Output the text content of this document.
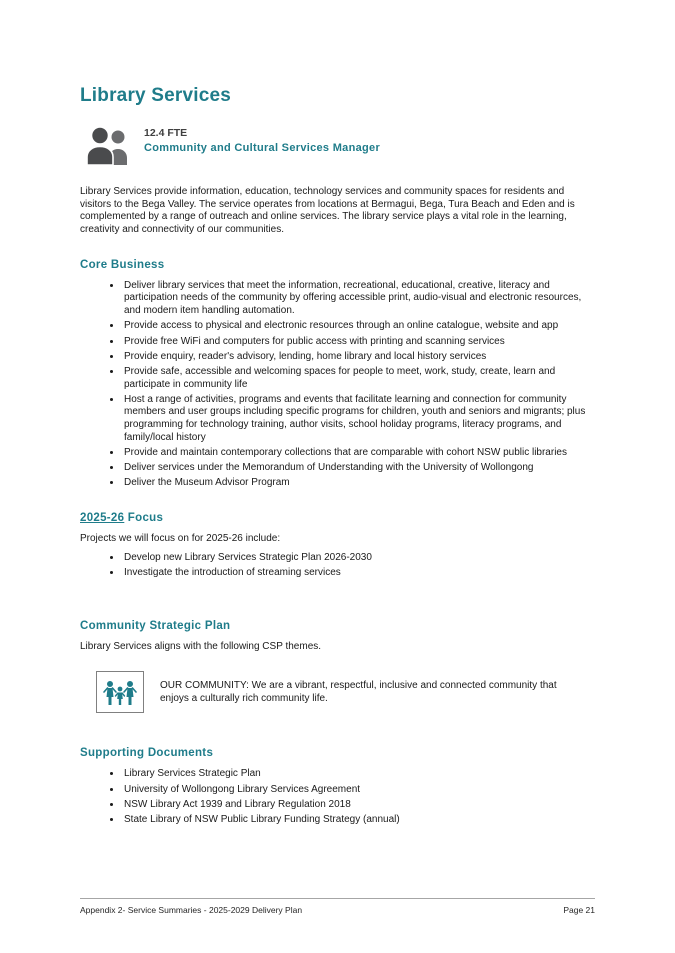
Library Services
12.4 FTE
Community and Cultural Services Manager

Library Services provide information, education, technology services and community spaces for residents and visitors to the Bega Valley. The service operates from locations at Bermagui, Bega, Tura Beach and Eden and is complemented by a range of outreach and online services. The library service plays a vital role in the learning, creativity and connectivity of our communities.

Core Business
• Deliver library services that meet the information, recreational, educational, creative, literacy and participation needs of the community by offering accessible print, audio-visual and electronic resources, and modern item handling automation.
• Provide access to physical and electronic resources through an online catalogue, website and app
• Provide free WiFi and computers for public access with printing and scanning services
• Provide enquiry, reader's advisory, lending, home library and local history services
• Provide safe, accessible and welcoming spaces for people to meet, work, study, create, learn and participate in community life
• Host a range of activities, programs and events that facilitate learning and connection for community members and user groups including specific programs for children, youth and seniors and migrants; plus programming for technology training, author visits, school holiday programs, literacy programs, and family/local history
• Provide and maintain contemporary collections that are comparable with cohort NSW public libraries
• Deliver services under the Memorandum of Understanding with the University of Wollongong
• Deliver the Museum Advisor Program
2025-26 Focus

Projects we will focus on for 2025-26 include:

• Develop new Library Services Strategic Plan 2026-2030
• Investigate the introduction of streaming services
Community Strategic Plan

Library Services aligns with the following CSP themes.

OUR COMMUNITY: We are a vibrant, respectful, inclusive and connected community that enjoys a culturally rich community life.

Supporting Documents
• Library Services Strategic Plan
• University of Wollongong Library Services Agreement
• NSW Library Act 1939 and Library Regulation 2018
• State Library of NSW Public Library Funding Strategy (annual)
Appendix 2- Service Summaries - 2025-2029 Delivery Plan	Page 21
